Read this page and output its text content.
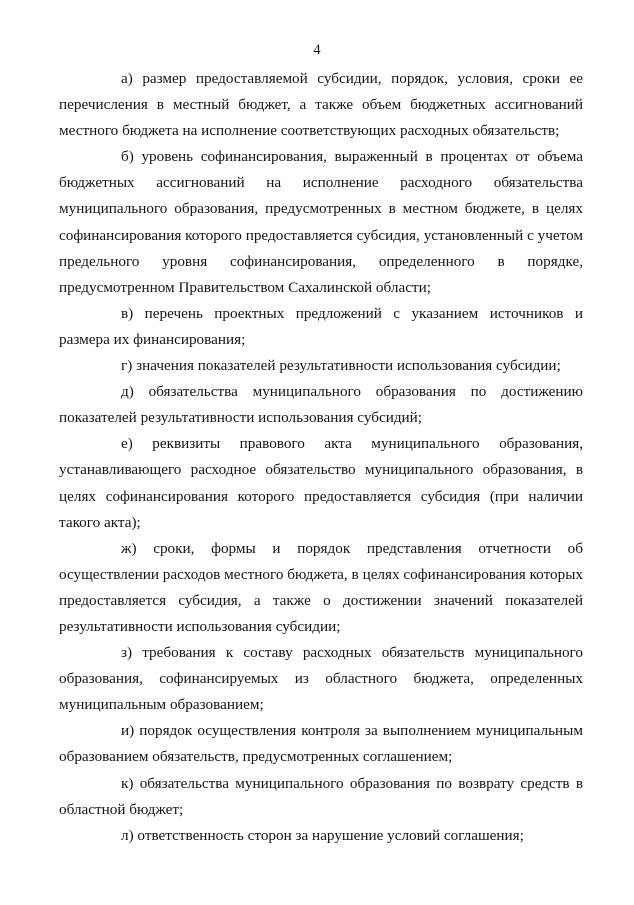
4

а) размер предоставляемой субсидии, порядок, условия, сроки ее перечисления в местный бюджет, а также объем бюджетных ассигнований местного бюджета на исполнение соответствующих расходных обязательств;

б) уровень софинансирования, выраженный в процентах от объема бюджетных ассигнований на исполнение расходного обязательства муниципального образования, предусмотренных в местном бюджете, в целях софинансирования которого предоставляется субсидия, установленный с учетом предельного уровня софинансирования, определенного в порядке, предусмотренном Правительством Сахалинской области;

в) перечень проектных предложений с указанием источников и размера их финансирования;

г) значения показателей результативности использования субсидии;

д) обязательства муниципального образования по достижению показателей результативности использования субсидий;

е) реквизиты правового акта муниципального образования, устанавливающего расходное обязательство муниципального образования, в целях софинансирования которого предоставляется субсидия (при наличии такого акта);

ж) сроки, формы и порядок представления отчетности об осуществлении расходов местного бюджета, в целях софинансирования которых предоставляется субсидия, а также о достижении значений показателей результативности использования субсидии;

з) требования к составу расходных обязательств муниципального образования, софинансируемых из областного бюджета, определенных муниципальным образованием;

и) порядок осуществления контроля за выполнением муниципальным образованием обязательств, предусмотренных соглашением;

к) обязательства муниципального образования по возврату средств в областной бюджет;

л) ответственность сторон за нарушение условий соглашения;
